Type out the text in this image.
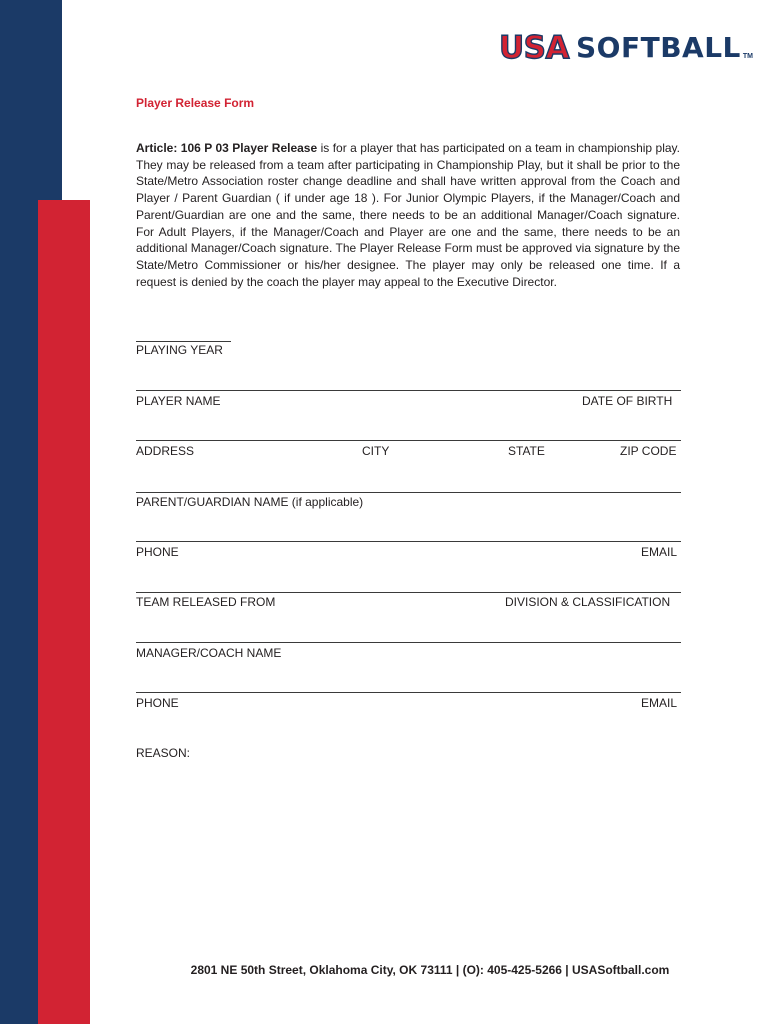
USA SOFTBALL TM
Player Release Form
Article: 106 P 03 Player Release is for a player that has participated on a team in championship play. They may be released from a team after participating in Championship Play, but it shall be prior to the State/Metro Association roster change deadline and shall have written approval from the Coach and Player / Parent Guardian ( if under age 18 ). For Junior Olympic Players, if the Manager/Coach and Parent/Guardian are one and the same, there needs to be an additional Manager/Coach signature. For Adult Players, if the Manager/Coach and Player are one and the same, there needs to be an additional Manager/Coach signature. The Player Release Form must be approved via signature by the State/Metro Commissioner or his/her designee. The player may only be released one time. If a request is denied by the coach the player may appeal to the Executive Director.
PLAYING YEAR
PLAYER NAME	DATE OF BIRTH
ADDRESS	CITY	STATE	ZIP CODE
PARENT/GUARDIAN NAME (if applicable)
PHONE	EMAIL
TEAM RELEASED FROM	DIVISION & CLASSIFICATION
MANAGER/COACH NAME
PHONE	EMAIL
REASON:
2801 NE 50th Street, Oklahoma City, OK 73111 | (O): 405-425-5266 | USASoftball.com
